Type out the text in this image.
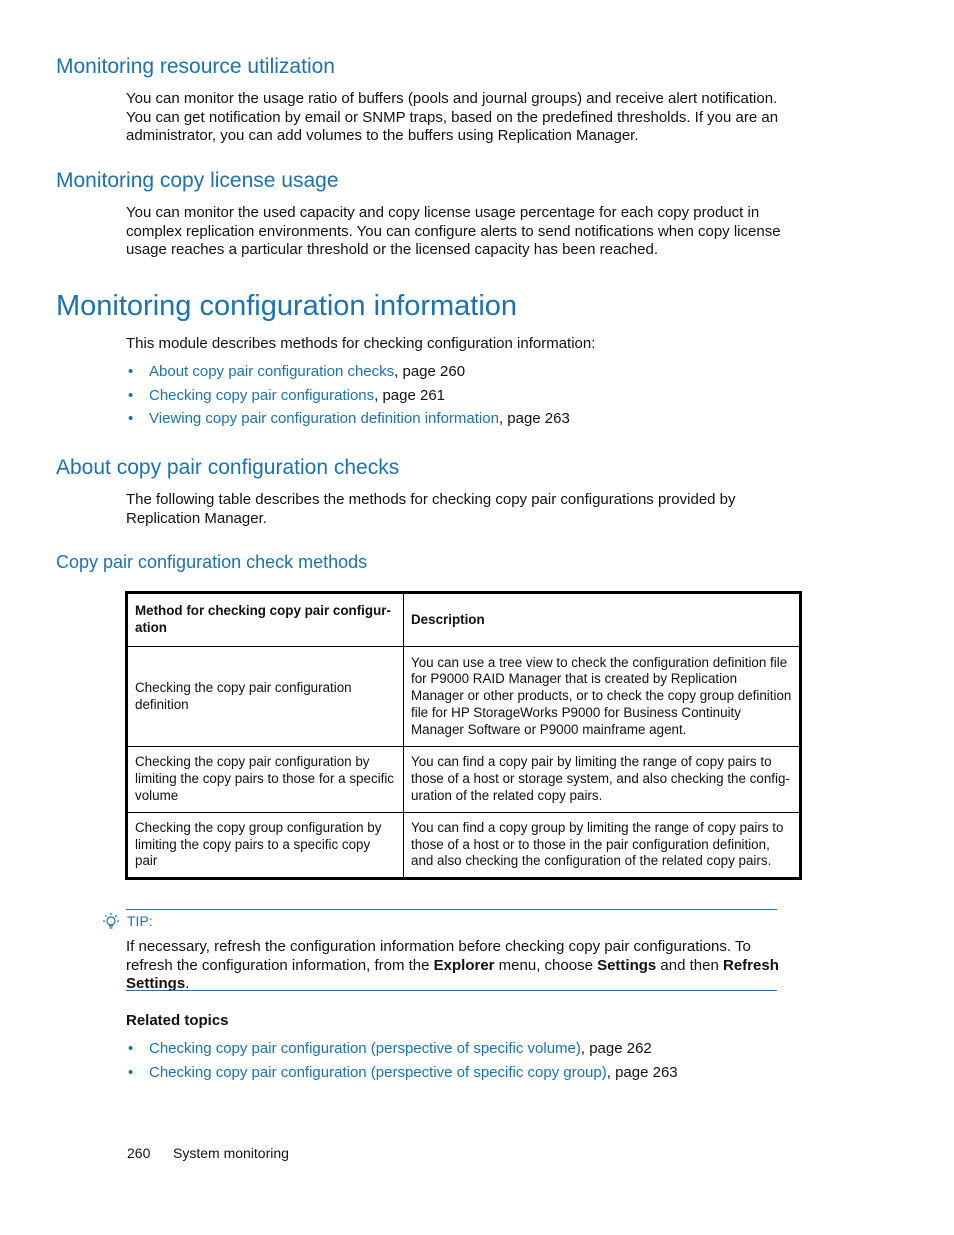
Monitoring resource utilization

You can monitor the usage ratio of buffers (pools and journal groups) and receive alert notification. You can get notification by email or SNMP traps, based on the predefined thresholds. If you are an administrator, you can add volumes to the buffers using Replication Manager.

Monitoring copy license usage

You can monitor the used capacity and copy license usage percentage for each copy product in complex replication environments. You can configure alerts to send notifications when copy license usage reaches a particular threshold or the licensed capacity has been reached.

Monitoring configuration information

This module describes methods for checking configuration information:

• About copy pair configuration checks, page 260
• Checking copy pair configurations, page 261
• Viewing copy pair configuration definition information, page 263
About copy pair configuration checks

The following table describes the methods for checking copy pair configurations provided by Replication Manager.

Copy pair configuration check methods
Method for checking copy pair configur-ation	Description
Checking the copy pair configuration definition	You can use a tree view to check the configuration definition file for P9000 RAID Manager that is created by Replication Manager or other products, or to check the copy group definition file for HP StorageWorks P9000 for Business Continuity Manager Software or P9000 mainframe agent.
Checking the copy pair configuration by limiting the copy pairs to those for a specific volume	You can find a copy pair by limiting the range of copy pairs to those of a host or storage system, and also checking the config-uration of the related copy pairs.
Checking the copy group configuration by limiting the copy pairs to a specific copy pair	You can find a copy group by limiting the range of copy pairs to those of a host or to those in the pair configuration definition, and also checking the configuration of the related copy pairs.
TIP:

If necessary, refresh the configuration information before checking copy pair configurations. To refresh the configuration information, from the Explorer menu, choose Settings and then Refresh Settings.

Related topics

• Checking copy pair configuration (perspective of specific volume), page 262
• Checking copy pair configuration (perspective of specific copy group), page 263
260 System monitoring
